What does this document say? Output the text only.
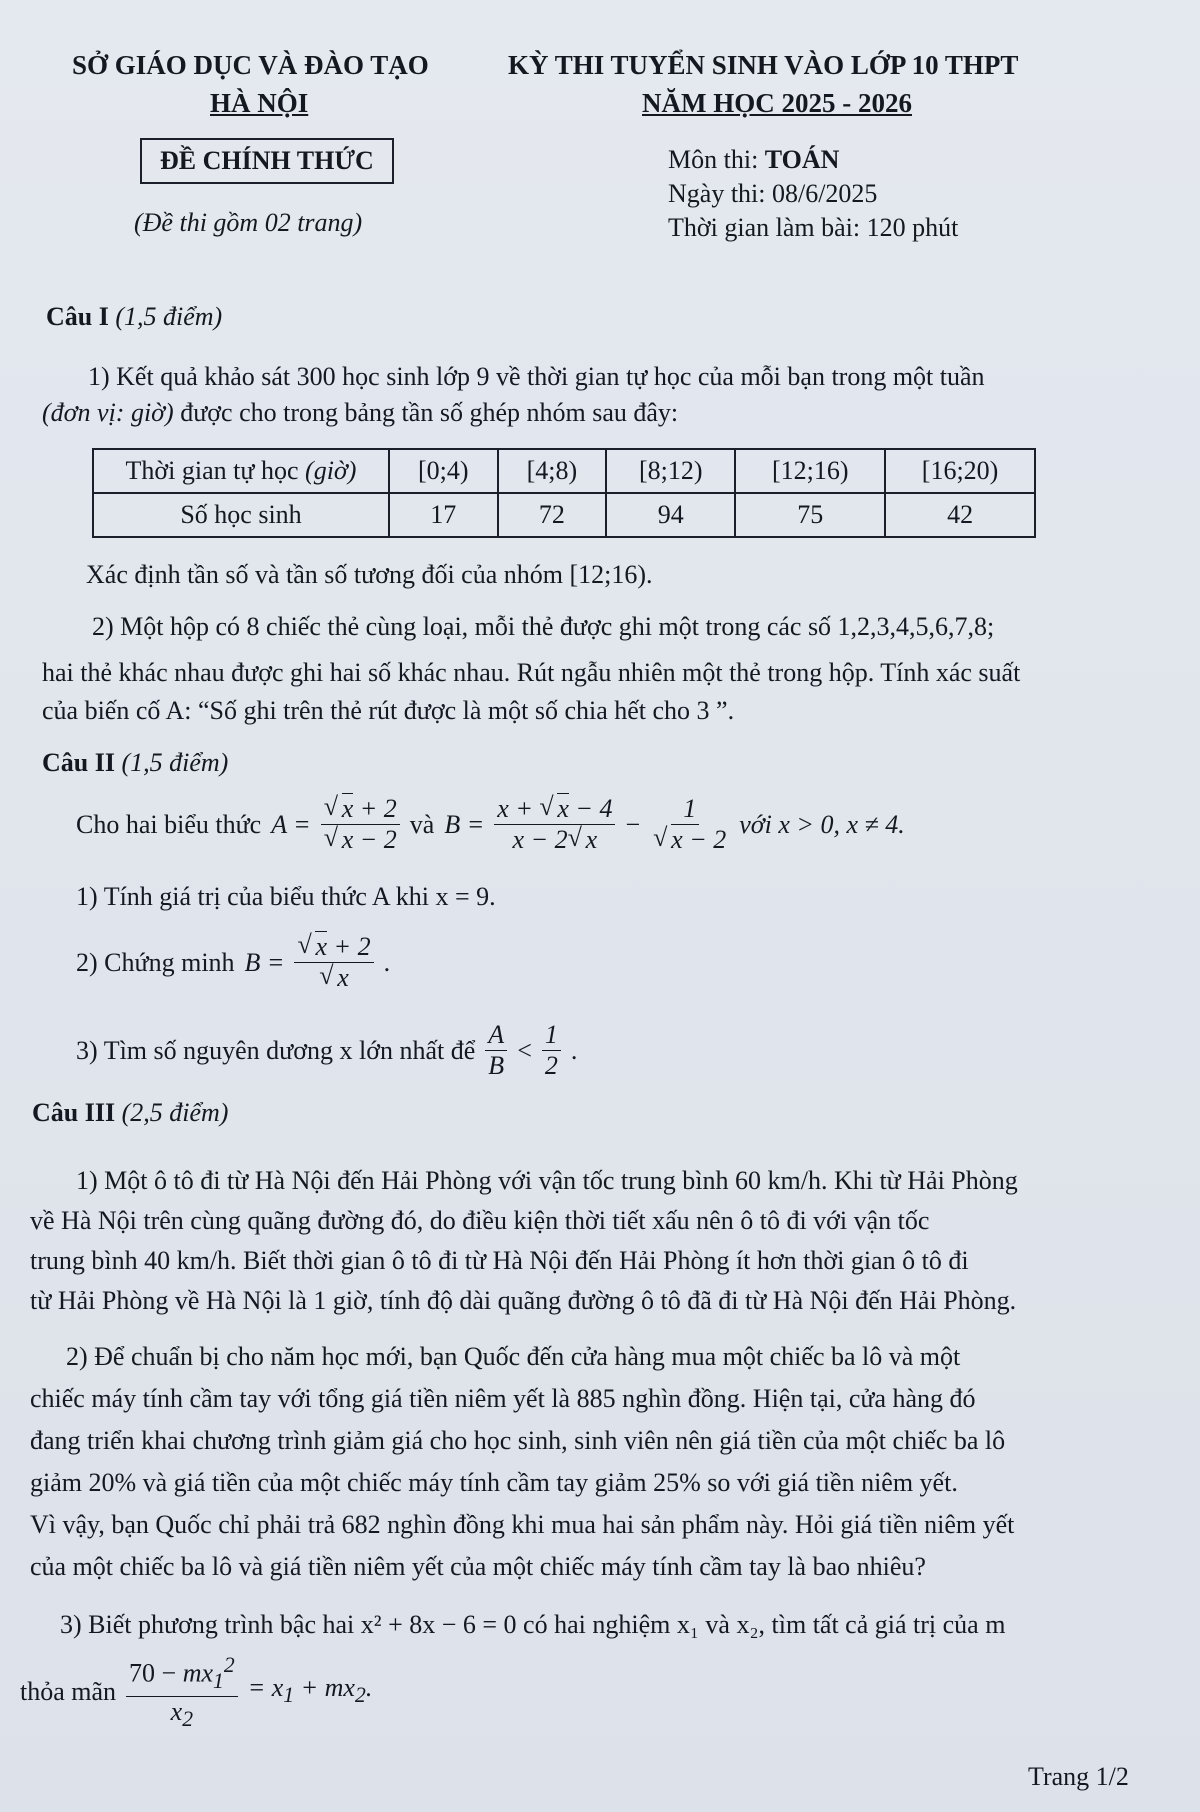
SỞ GIÁO DỤC VÀ ĐÀO TẠO
HÀ NỘI
ĐỀ CHÍNH THỨC
(Đề thi gồm 02 trang)
KỲ THI TUYỂN SINH VÀO LỚP 10 THPT
NĂM HỌC 2025 - 2026
Môn thi: TOÁN
Ngày thi: 08/6/2025
Thời gian làm bài: 120 phút
Câu I (1,5 điểm)
1) Kết quả khảo sát 300 học sinh lớp 9 về thời gian tự học của mỗi bạn trong một tuần
(đơn vị: giờ) được cho trong bảng tần số ghép nhóm sau đây:
Thời gian tự học (giờ)	[0;4)	[4;8)	[8;12)	[12;16)	[16;20)
Số học sinh	17	72	94	75	42
Xác định tần số và tần số tương đối của nhóm [12;16).
2) Một hộp có 8 chiếc thẻ cùng loại, mỗi thẻ được ghi một trong các số 1,2,3,4,5,6,7,8;
hai thẻ khác nhau được ghi hai số khác nhau. Rút ngẫu nhiên một thẻ trong hộp. Tính xác suất
của biến cố A: “Số ghi trên thẻ rút được là một số chia hết cho 3 ”.
Câu II (1,5 điểm)
Cho hai biểu thức A = √ x + 2
√ x − 2 và $B = \frac{x + √ x - 4}{x - 2 √ x} - 1$
√ x − 2 với x > 0, x ≠ 4.
1) Tính giá trị của biểu thức A khi x = 9.
2) Chứng minh B = √ x + 2
√ x .
3) Tìm số nguyên dương x lớn nhất để $\frac{A}{B} < \frac{1}{2}$ .
Câu III (2,5 điểm)
1) Một ô tô đi từ Hà Nội đến Hải Phòng với vận tốc trung bình 60 km/h. Khi từ Hải Phòng
về Hà Nội trên cùng quãng đường đó, do điều kiện thời tiết xấu nên ô tô đi với vận tốc
trung bình 40 km/h. Biết thời gian ô tô đi từ Hà Nội đến Hải Phòng ít hơn thời gian ô tô đi
từ Hải Phòng về Hà Nội là 1 giờ, tính độ dài quãng đường ô tô đã đi từ Hà Nội đến Hải Phòng.
2) Để chuẩn bị cho năm học mới, bạn Quốc đến cửa hàng mua một chiếc ba lô và một
chiếc máy tính cầm tay với tổng giá tiền niêm yết là 885 nghìn đồng. Hiện tại, cửa hàng đó
đang triển khai chương trình giảm giá cho học sinh, sinh viên nên giá tiền của một chiếc ba lô
giảm 20% và giá tiền của một chiếc máy tính cầm tay giảm 25% so với giá tiền niêm yết.
Vì vậy, bạn Quốc chỉ phải trả 682 nghìn đồng khi mua hai sản phẩm này. Hỏi giá tiền niêm yết
của một chiếc ba lô và giá tiền niêm yết của một chiếc máy tính cầm tay là bao nhiêu?
3) Biết phương trình bậc hai x² + 8x − 6 = 0 có hai nghiệm x₁ và x₂, tìm tất cả giá trị của m
thỏa mãn $\frac{70 - mx_1^2}{x_2} = x_1 + mx_2$.
Trang 1/2
